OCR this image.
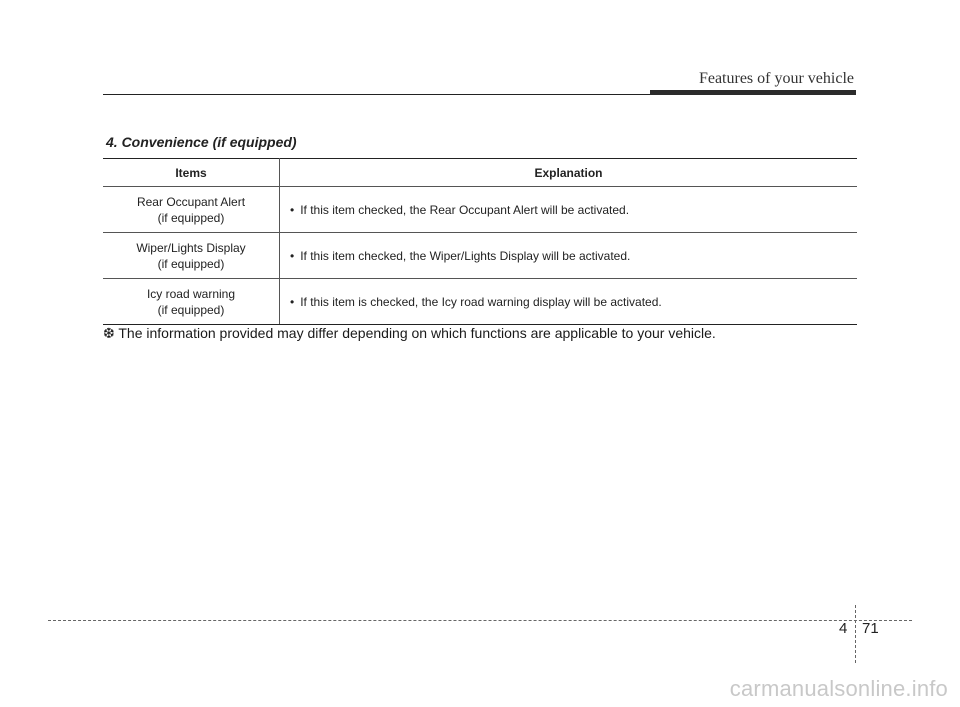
Features of your vehicle
4. Convenience (if equipped)
Items	Explanation

Rear Occupant Alert
(if equipped)	• If this item checked, the Rear Occupant Alert will be activated.

Wiper/Lights Display
(if equipped)	• If this item checked, the Wiper/Lights Display will be activated.

Icy road warning
(if equipped)	• If this item is checked, the Icy road warning display will be activated.
❆ The information provided may differ depending on which functions are applicable to your vehicle.
4 71
carmanualsonline.info
